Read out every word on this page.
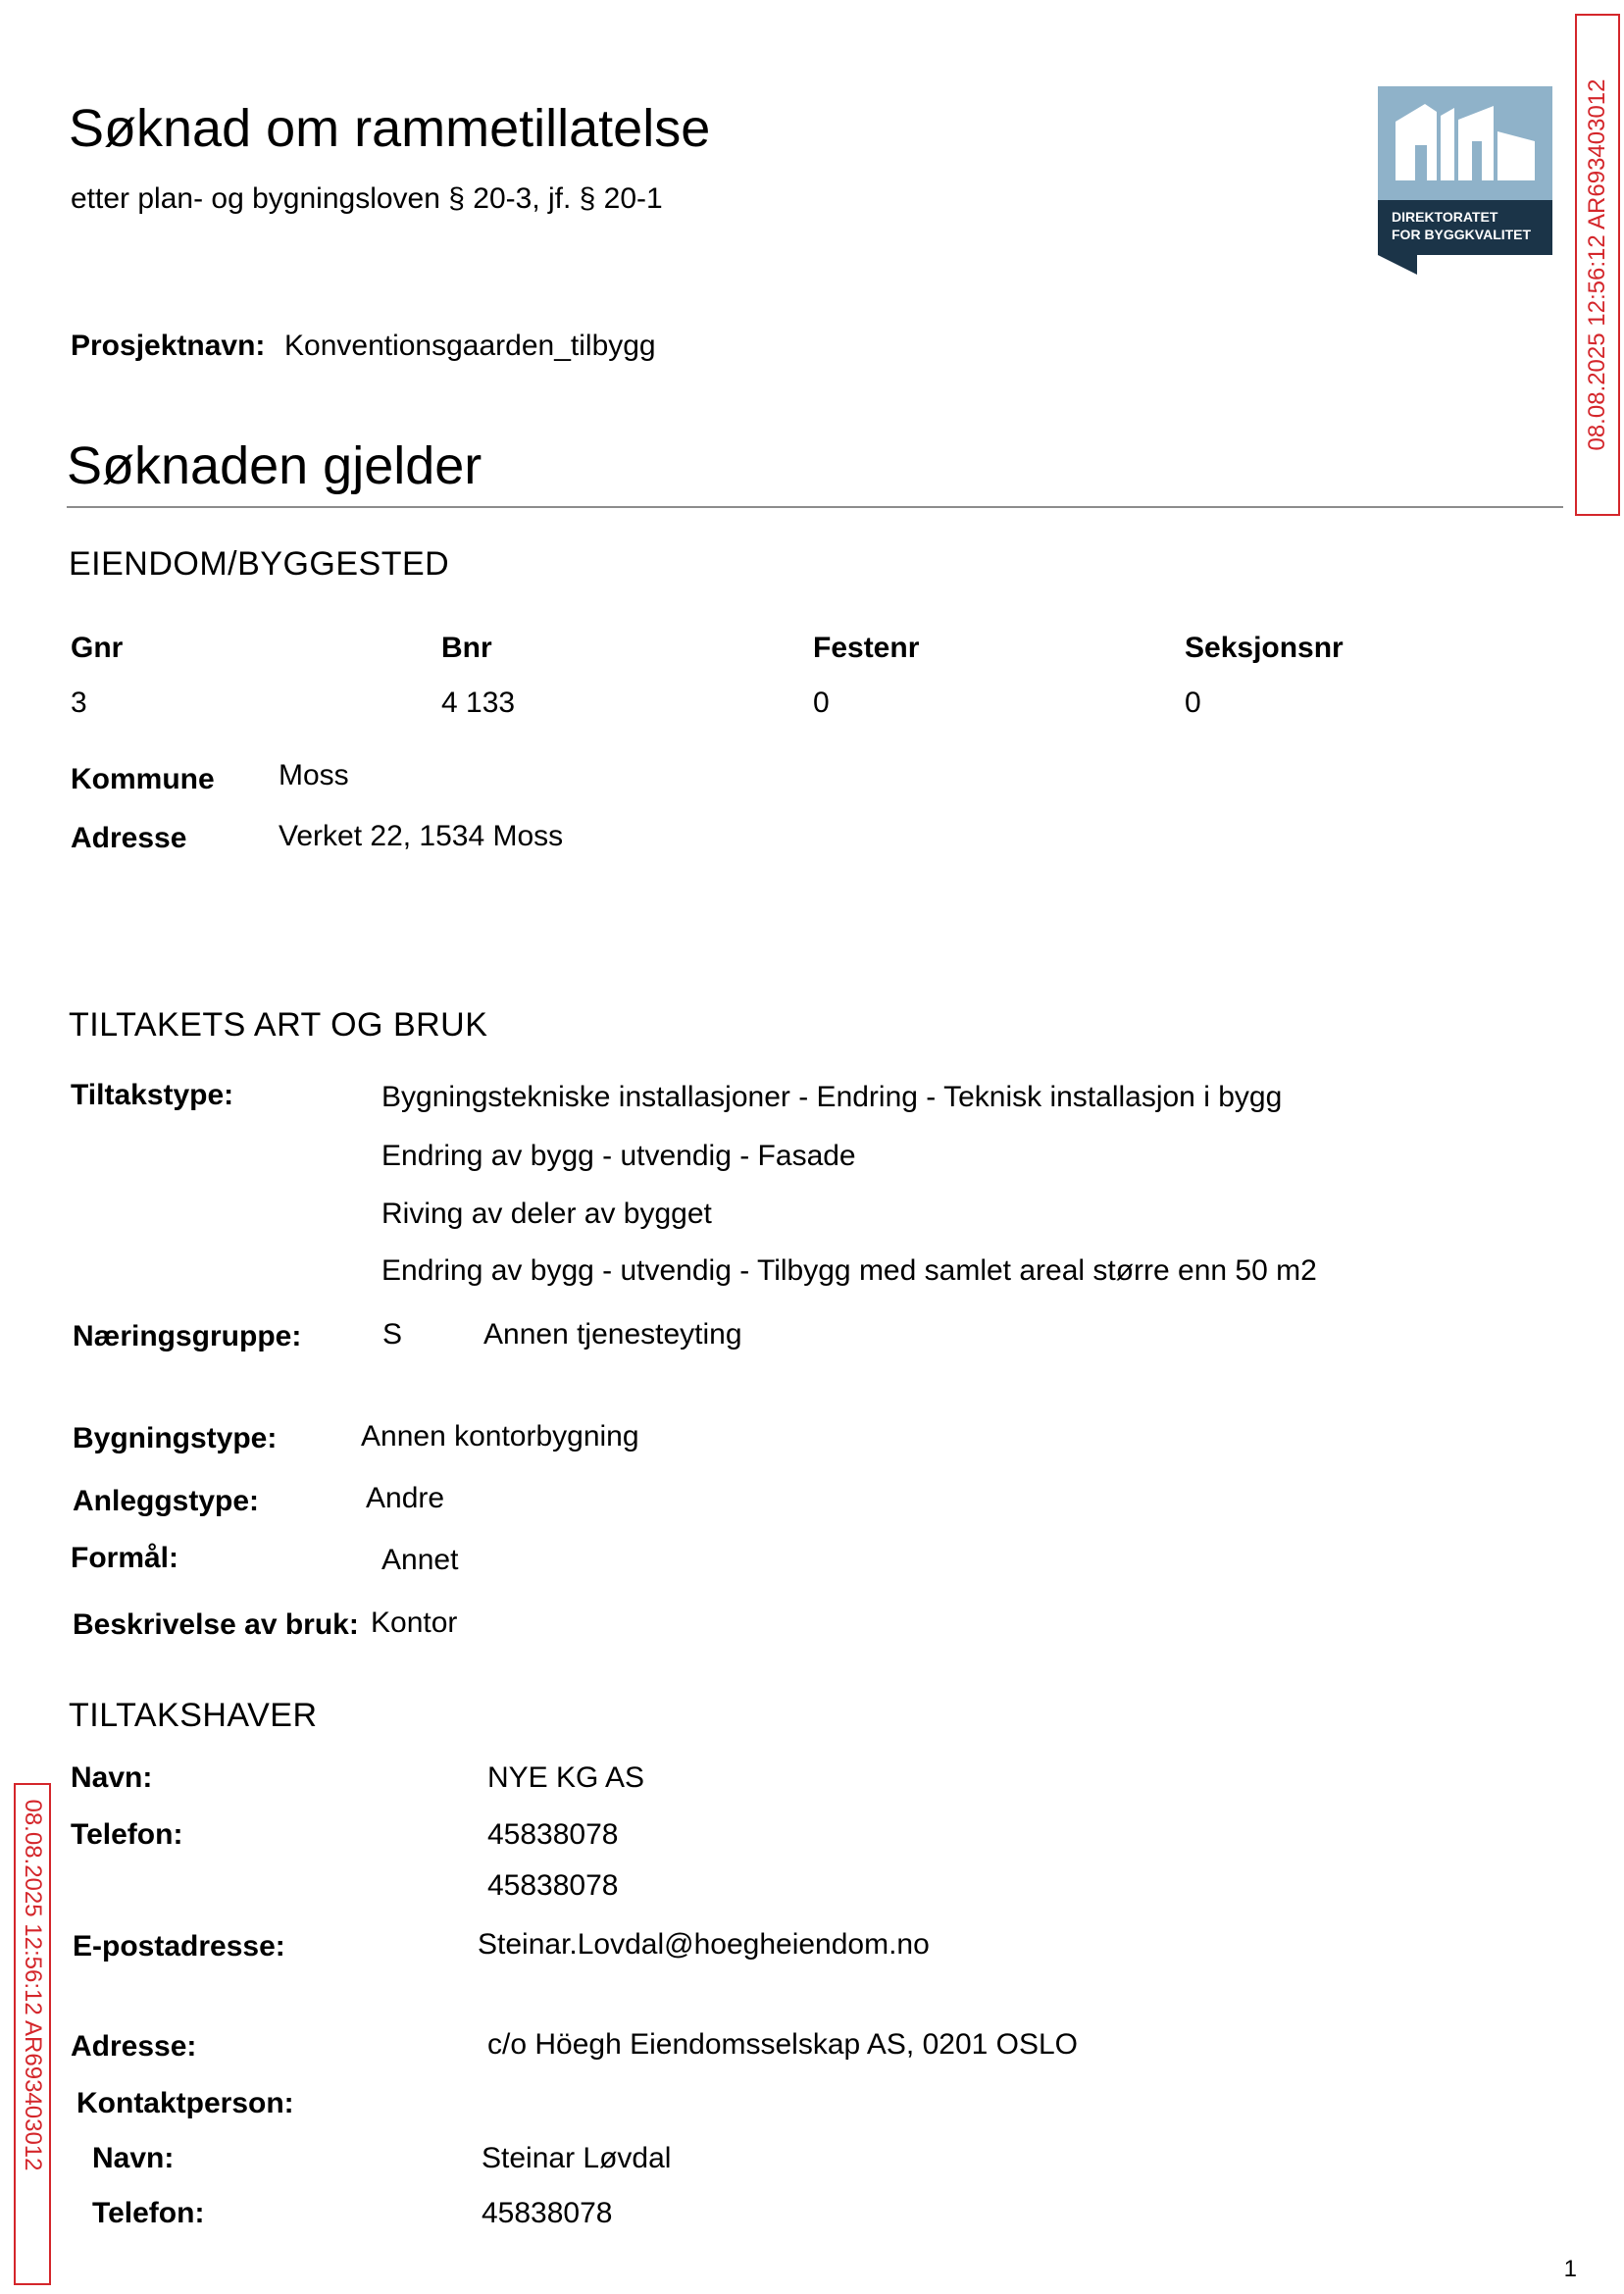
Søknad om rammetillatelse
etter plan- og bygningsloven § 20-3, jf. § 20-1
DIREKTORATET
FOR BYGGKVALITET 08.08.2025 12:56:12 AR693403012
08.08.2025 12:56:12 AR693403012
Prosjektnavn: Konventionsgaarden_tilbygg
Søknaden gjelder
EIENDOM/BYGGESTED
Gnr	Bnr	Festenr	Seksjonsnr
3	4 133	0	0
Kommune Moss
Adresse	Verket 22, 1534 Moss
TILTAKETS ART OG BRUK
Tiltakstype:	Bygningstekniske installasjoner - Endring - Teknisk installasjon i bygg
Endring av bygg - utvendig - Fasade
Riving av deler av bygget
Endring av bygg - utvendig - Tilbygg med samlet areal større enn 50 m2
Næringsgruppe:	S	Annen tjenesteyting
Bygningstype:	Annen kontorbygning
Anleggstype:	Andre
Formål:	Annet
Beskrivelse av bruk: Kontor
TILTAKSHAVER
Navn:	NYE KG AS
Telefon:	45838078
45838078
E-postadresse:	Steinar.Lovdal@hoegheiendom.no
Adresse:	c/o Höegh Eiendomsselskap AS, 0201 OSLO
Kontaktperson:
Navn:	Steinar Løvdal
Telefon:	45838078
1
